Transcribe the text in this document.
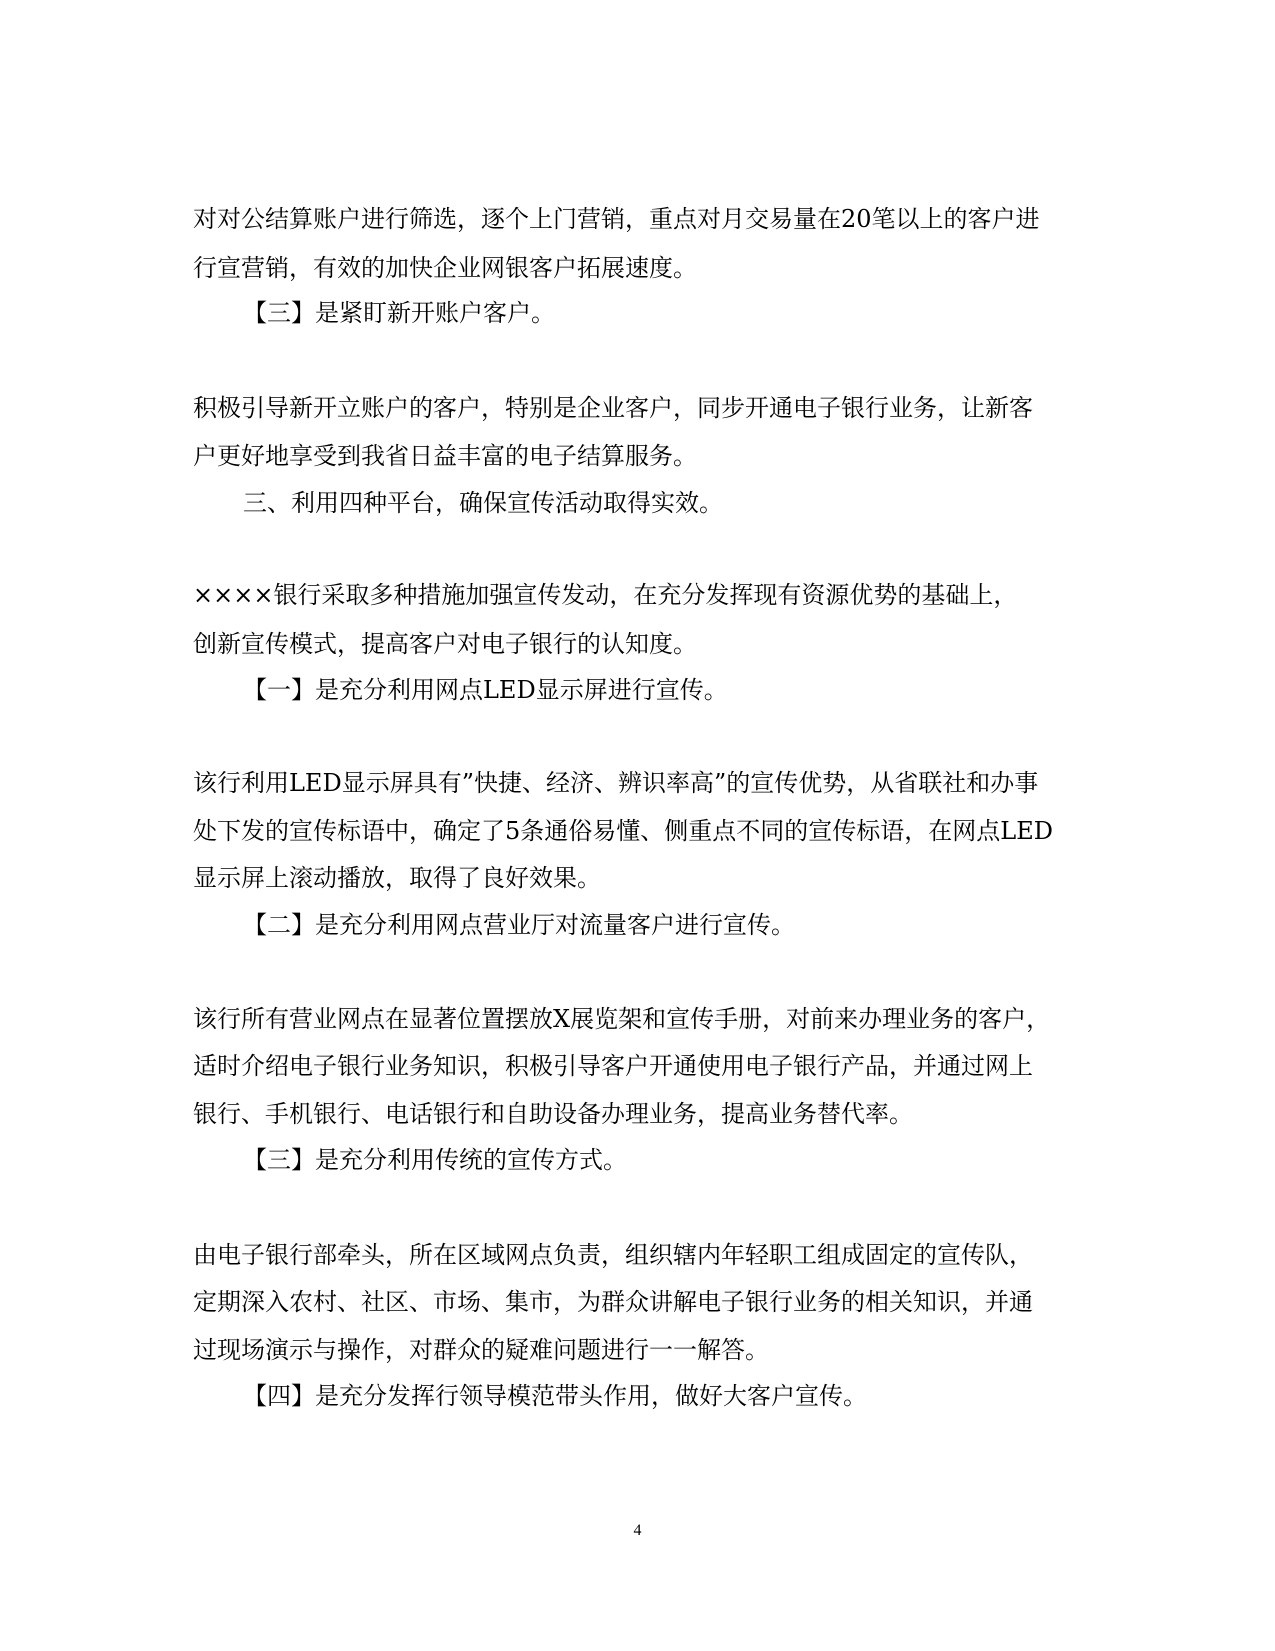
对对公结算账户进行筛选，逐个上门营销，重点对月交易量在20笔以上的客户进
行宣营销，有效的加快企业网银客户拓展速度。
【三】是紧盯新开账户客户。
积极引导新开立账户的客户，特别是企业客户，同步开通电子银行业务，让新客
户更好地享受到我省日益丰富的电子结算服务。
三、利用四种平台，确保宣传活动取得实效。
××××银行采取多种措施加强宣传发动，在充分发挥现有资源优势的基础上，
创新宣传模式，提高客户对电子银行的认知度。
【一】是充分利用网点LED显示屏进行宣传。
该行利用LED显示屏具有”快捷、经济、辨识率高”的宣传优势，从省联社和办事
处下发的宣传标语中，确定了5条通俗易懂、侧重点不同的宣传标语，在网点LED
显示屏上滚动播放，取得了良好效果。
【二】是充分利用网点营业厅对流量客户进行宣传。
该行所有营业网点在显著位置摆放X展览架和宣传手册，对前来办理业务的客户，
适时介绍电子银行业务知识，积极引导客户开通使用电子银行产品，并通过网上
银行、手机银行、电话银行和自助设备办理业务，提高业务替代率。
【三】是充分利用传统的宣传方式。
由电子银行部牵头，所在区域网点负责，组织辖内年轻职工组成固定的宣传队，
定期深入农村、社区、市场、集市，为群众讲解电子银行业务的相关知识，并通
过现场演示与操作，对群众的疑难问题进行一一解答。
【四】是充分发挥行领导模范带头作用，做好大客户宣传。
4
